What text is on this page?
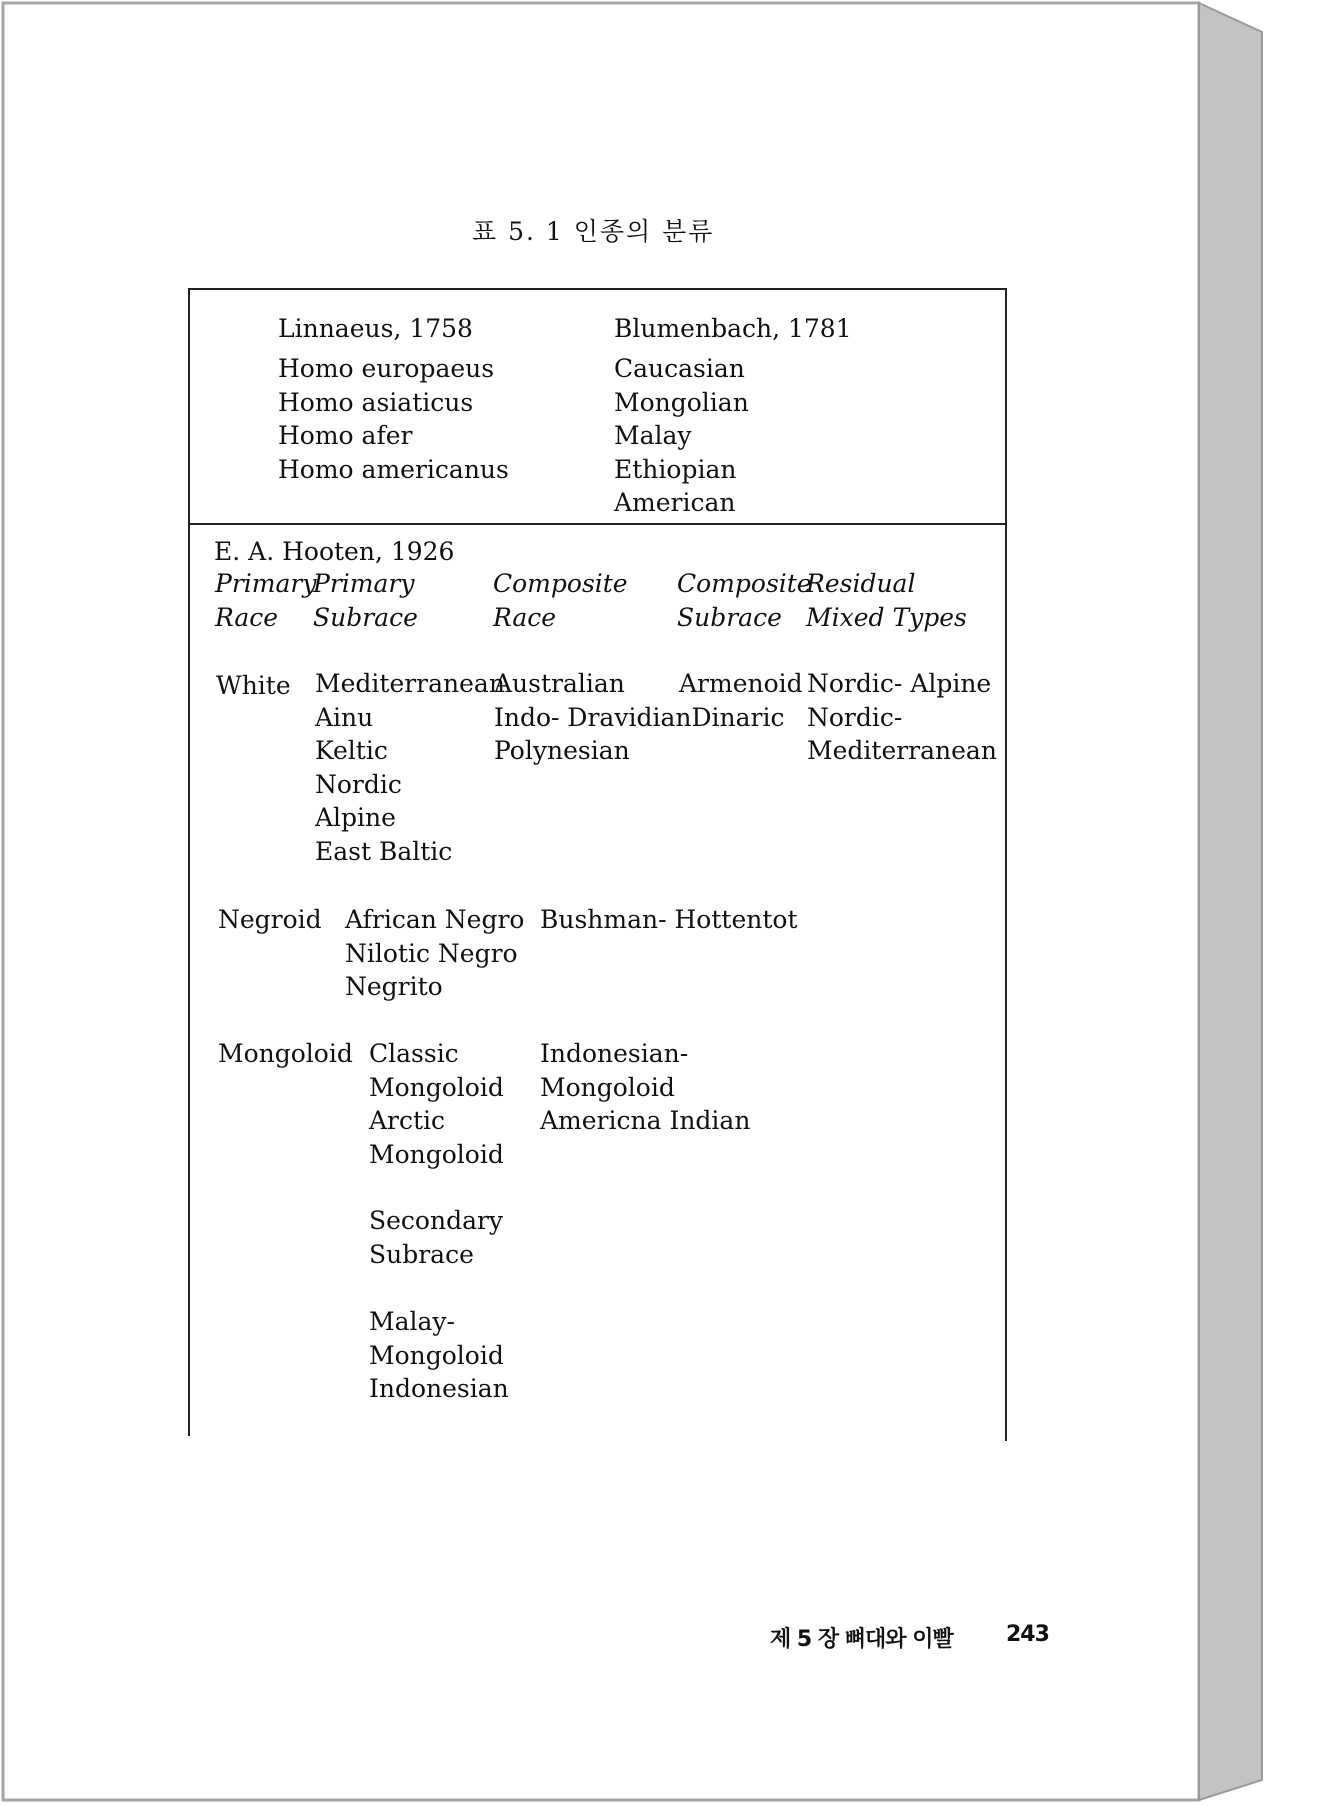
표 5. 1 인종의 분류
Linnaeus, 1758
Homo europaeus
Homo asiaticus
Homo afer
Homo americanus
Blumenbach, 1781
Caucasian
Mongolian
Malay
Ethiopian
American
E. A. Hooten, 1926
Primary
Race
Primary
Subrace
Composite
Race
Composite
Subrace
Residual
Mixed Types
White Mediterranean
Ainu
Keltic
Nordic
Alpine
East Baltic
Australian
Indo- DravidianDinaric
Polynesian
Armenoid Nordic- Alpine
Nordic-
Mediterranean
Negroid African Negro
Nilotic Negro
Negrito
Bushman- Hottentot
Mongoloid Classic
Mongoloid
Arctic
Mongoloid
Secondary
Subrace
Malay-
Mongoloid
Indonesian
Indonesian-
Mongoloid
Americna Indian
제 5 장 뼈대와 이빨 243
